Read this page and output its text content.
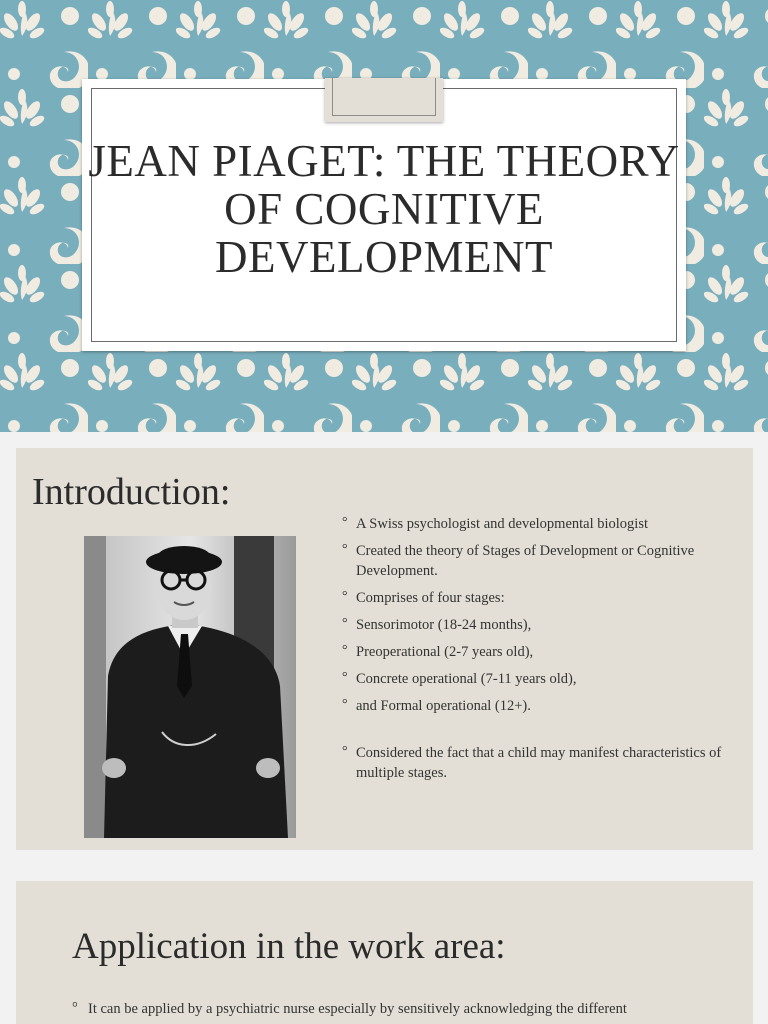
JEAN PIAGET: THE THEORY OF COGNITIVE DEVELOPMENT
Introduction:
° A Swiss psychologist and developmental biologist
° Created the theory of Stages of Development or Cognitive Development.
° Comprises of four stages:
° Sensorimotor (18-24 months),
° Preoperational (2-7 years old),
° Concrete operational (7-11 years old),
° and Formal operational (12+).
° Considered the fact that a child may manifest characteristics of multiple stages.
Application in the work area:
° It can be applied by a psychiatric nurse especially by sensitively acknowledging the different
